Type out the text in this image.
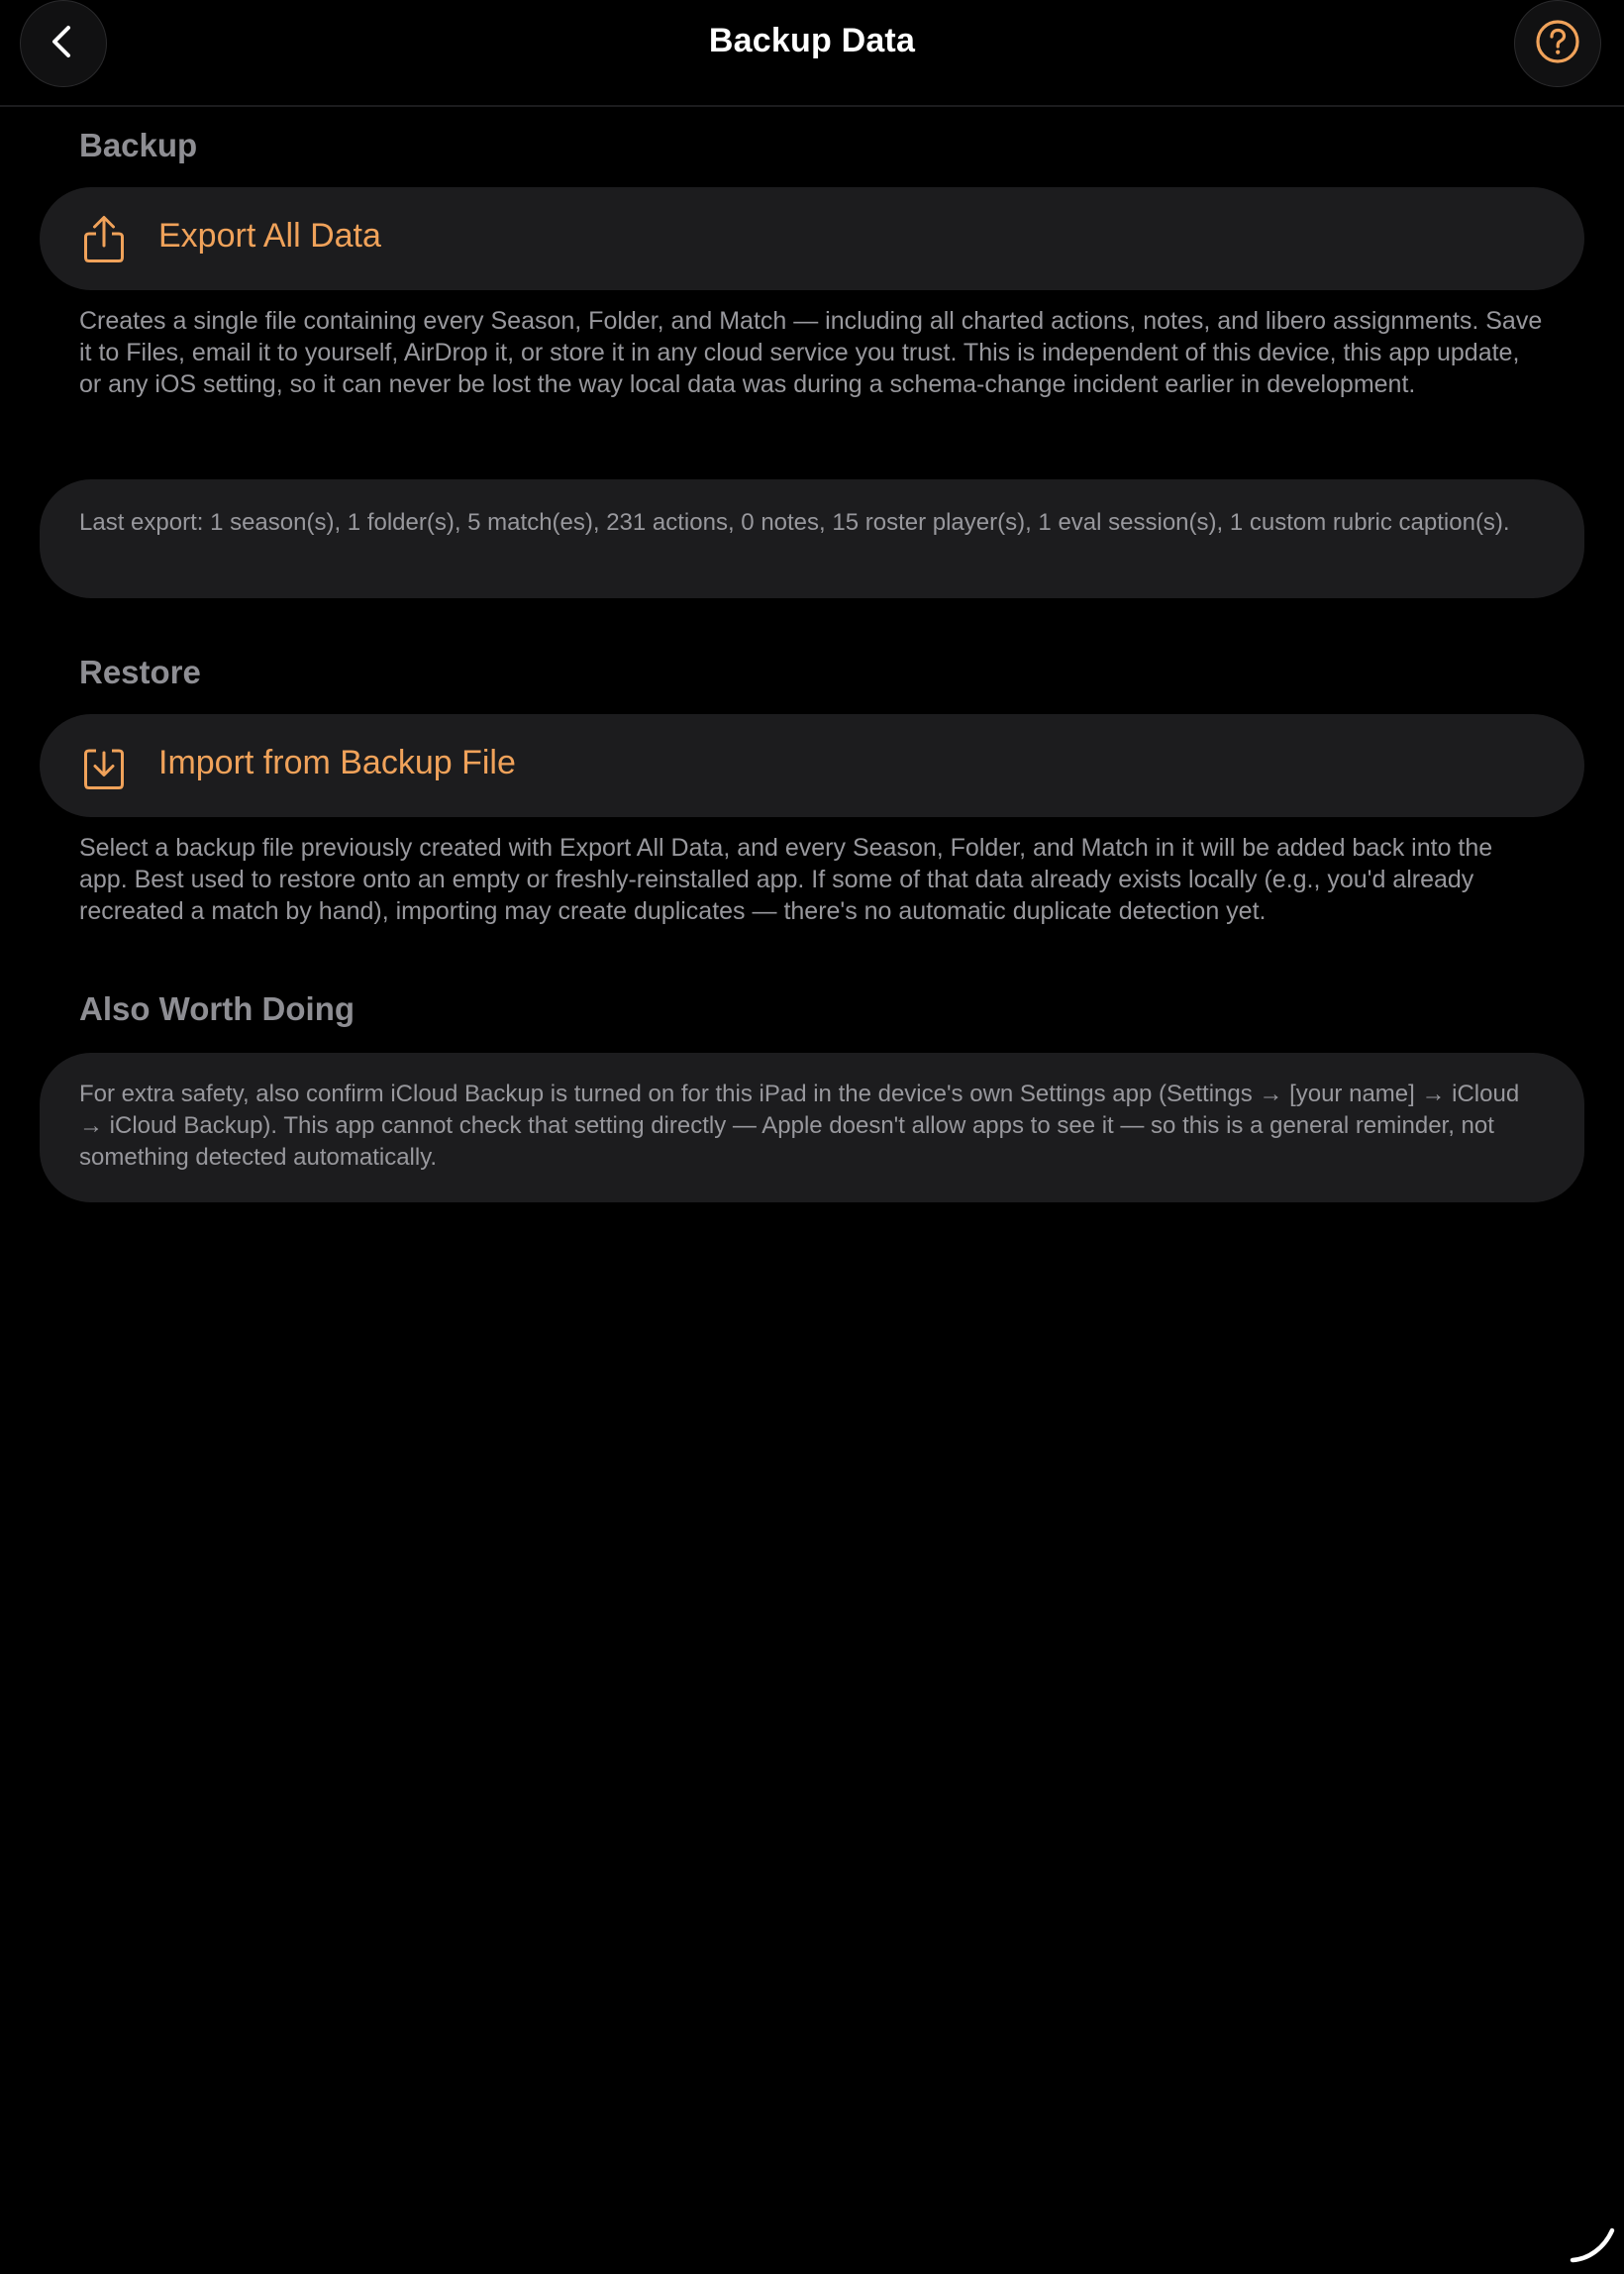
Backup Data
Backup
Export All Data
Creates a single file containing every Season, Folder, and Match — including all charted actions, notes, and libero assignments. Save it to Files, email it to yourself, AirDrop it, or store it in any cloud service you trust. This is independent of this device, this app update, or any iOS setting, so it can never be lost the way local data was during a schema-change incident earlier in development.
Last export: 1 season(s), 1 folder(s), 5 match(es), 231 actions, 0 notes, 15 roster player(s), 1 eval session(s), 1 custom rubric caption(s).
Restore
Import from Backup File
Select a backup file previously created with Export All Data, and every Season, Folder, and Match in it will be added back into the app. Best used to restore onto an empty or freshly-reinstalled app. If some of that data already exists locally (e.g., you'd already recreated a match by hand), importing may create duplicates — there's no automatic duplicate detection yet.
Also Worth Doing
For extra safety, also confirm iCloud Backup is turned on for this iPad in the device's own Settings app (Settings → [your name] → iCloud → iCloud Backup). This app cannot check that setting directly — Apple doesn't allow apps to see it — so this is a general reminder, not something detected automatically.
